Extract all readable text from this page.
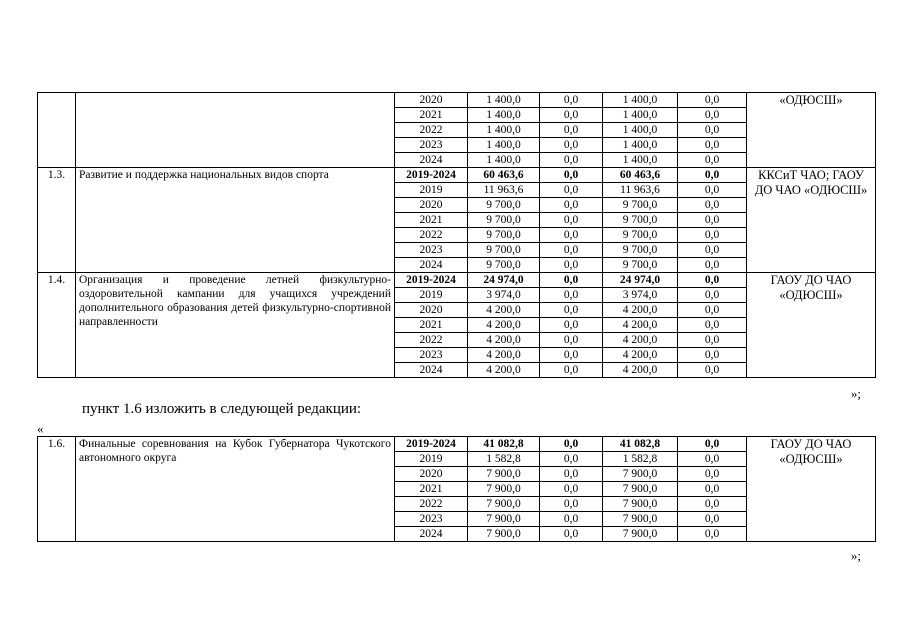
		2020	1 400,0	0,0	1 400,0	0,0	«ОДЮСШ»
		2021	1 400,0	0,0	1 400,0	0,0	
		2022	1 400,0	0,0	1 400,0	0,0	
		2023	1 400,0	0,0	1 400,0	0,0	
		2024	1 400,0	0,0	1 400,0	0,0	
1.3.	Развитие и поддержка национальных видов спорта	2019-2024	60 463,6	0,0	60 463,6	0,0	ККСиТ ЧАО; ГАОУ ДО ЧАО «ОДЮСШ»
		2019	11 963,6	0,0	11 963,6	0,0	
		2020	9 700,0	0,0	9 700,0	0,0	
		2021	9 700,0	0,0	9 700,0	0,0	
		2022	9 700,0	0,0	9 700,0	0,0	
		2023	9 700,0	0,0	9 700,0	0,0	
		2024	9 700,0	0,0	9 700,0	0,0	
1.4.	Организация и проведение летней физкультурно-оздоровительной кампании для учащихся учреждений дополнительного образования детей физкультурно-спортивной направленности	2019-2024	24 974,0	0,0	24 974,0	0,0	ГАОУ ДО ЧАО «ОДЮСШ»
		2019	3 974,0	0,0	3 974,0	0,0	
		2020	4 200,0	0,0	4 200,0	0,0	
		2021	4 200,0	0,0	4 200,0	0,0	
		2022	4 200,0	0,0	4 200,0	0,0	
		2023	4 200,0	0,0	4 200,0	0,0	
		2024	4 200,0	0,0	4 200,0	0,0	
»;
пункт 1.6 изложить в следующей редакции:
«
1.6.	Финальные соревнования на Кубок Губернатора Чукотского автономного округа	2019-2024	41 082,8	0,0	41 082,8	0,0	ГАОУ ДО ЧАО «ОДЮСШ»
		2019	1 582,8	0,0	1 582,8	0,0	
		2020	7 900,0	0,0	7 900,0	0,0	
		2021	7 900,0	0,0	7 900,0	0,0	
		2022	7 900,0	0,0	7 900,0	0,0	
		2023	7 900,0	0,0	7 900,0	0,0	
		2024	7 900,0	0,0	7 900,0	0,0	
»;
